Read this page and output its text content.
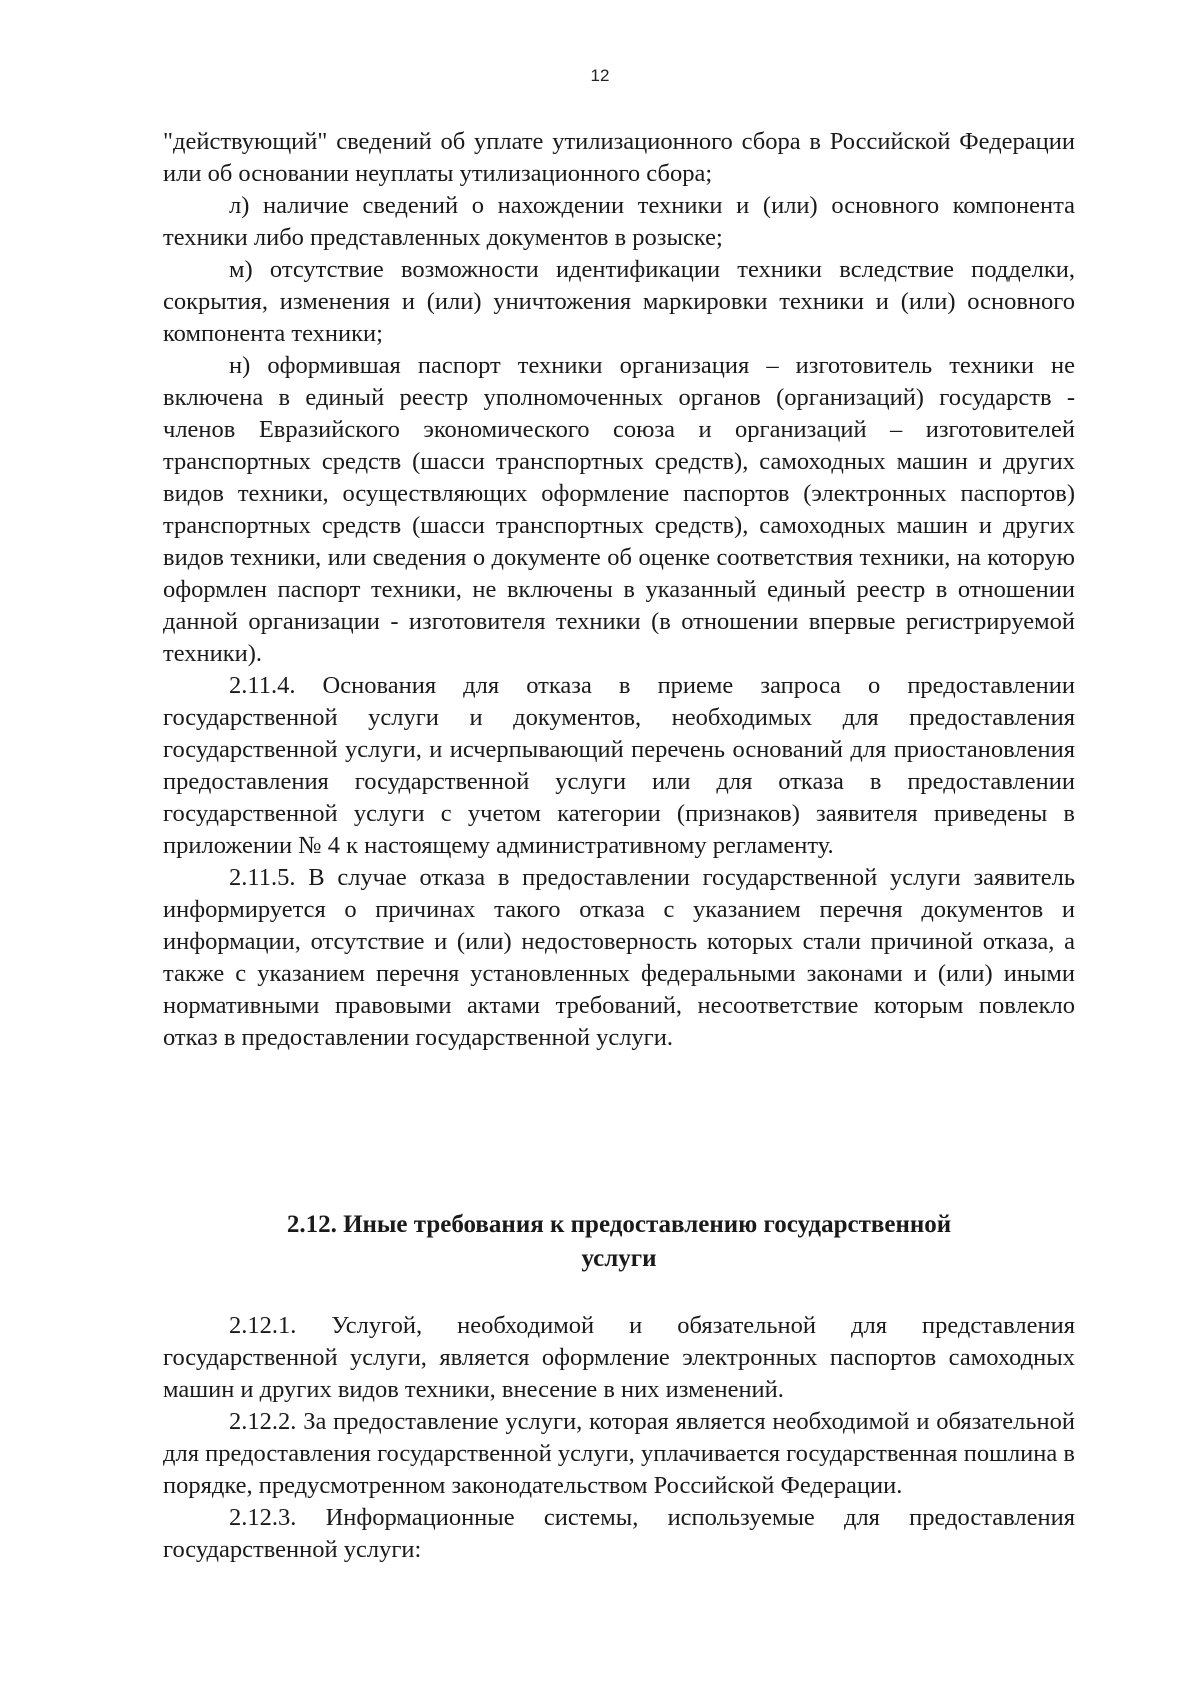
12

"действующий" сведений об уплате утилизационного сбора в Российской Федерации или об основании неуплаты утилизационного сбора;

л) наличие сведений о нахождении техники и (или) основного компонента техники либо представленных документов в розыске;

м) отсутствие возможности идентификации техники вследствие подделки, сокрытия, изменения и (или) уничтожения маркировки техники и (или) основного компонента техники;

н) оформившая паспорт техники организация – изготовитель техники не включена в единый реестр уполномоченных органов (организаций) государств - членов Евразийского экономического союза и организаций – изготовителей транспортных средств (шасси транспортных средств), самоходных машин и других видов техники, осуществляющих оформление паспортов (электронных паспортов) транспортных средств (шасси транспортных средств), самоходных машин и других видов техники, или сведения о документе об оценке соответствия техники, на которую оформлен паспорт техники, не включены в указанный единый реестр в отношении данной организации - изготовителя техники (в отношении впервые регистрируемой техники).

2.11.4. Основания для отказа в приеме запроса о предоставлении государственной услуги и документов, необходимых для предоставления государственной услуги, и исчерпывающий перечень оснований для приостановления предоставления государственной услуги или для отказа в предоставлении государственной услуги с учетом категории (признаков) заявителя приведены в приложении № 4 к настоящему административному регламенту.

2.11.5. В случае отказа в предоставлении государственной услуги заявитель информируется о причинах такого отказа с указанием перечня документов и информации, отсутствие и (или) недостоверность которых стали причиной отказа, а также с указанием перечня установленных федеральными законами и (или) иными нормативными правовыми актами требований, несоответствие которым повлекло отказ в предоставлении государственной услуги.

2.12. Иные требования к предоставлению государственной
услуги

2.12.1. Услугой, необходимой и обязательной для представления государственной услуги, является оформление электронных паспортов самоходных машин и других видов техники, внесение в них изменений.

2.12.2. За предоставление услуги, которая является необходимой и обязательной для предоставления государственной услуги, уплачивается государственная пошлина в порядке, предусмотренном законодательством Российской Федерации.

2.12.3. Информационные системы, используемые для предоставления государственной услуги:
